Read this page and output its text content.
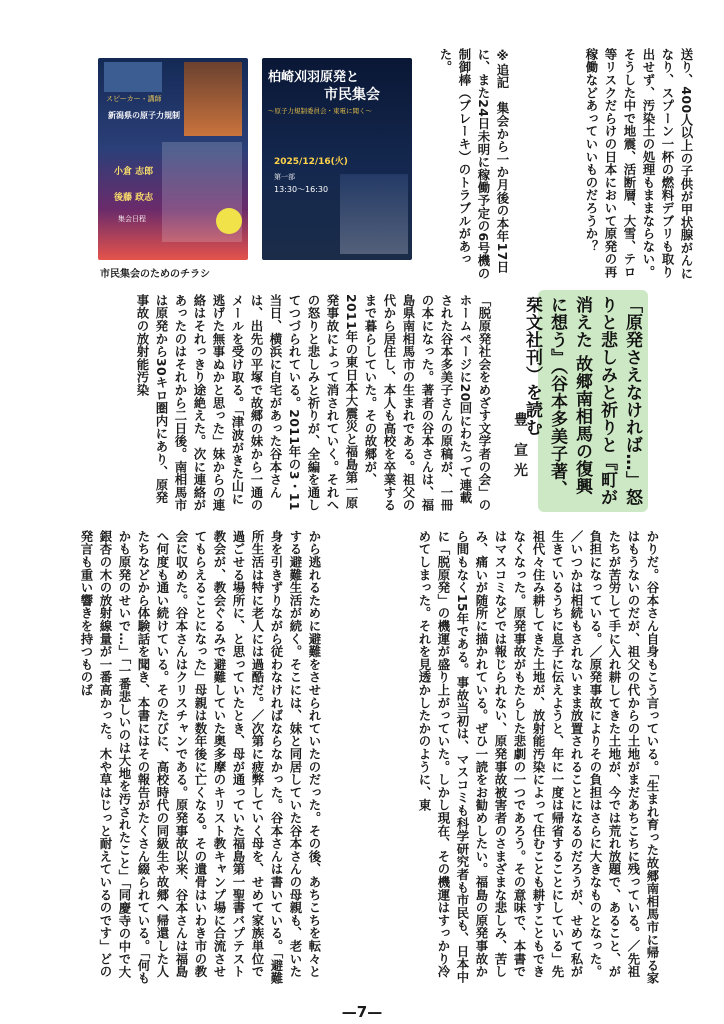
送り、400人以上の子供が甲状腺がんになり、スプーン一杯の燃料デブリも取り出せず、汚染土の処理もままならない。そうした中で地震、活断層、大雪、テロ等リスクだらけの日本において原発の再稼働などあっていいものだろうか？
※追記　集会から一か月後の本年17日に、また24日未明に稼働予定の6号機の制御棒（ブレーキ）のトラブルがあった。
スピーカー・講師
新潟県の原子力規制
小倉 志郎
後藤 政志
集会日程
柏崎刈羽原発と
市民集会
～原子力規制委員会・東電に聞く～
2025/12/16(火)
第一部
13:30～16:30
市民集会のためのチラシ
「原発さえなければ…」怒りと悲しみと祈りと『町が消えた 故郷南相馬の復興に想う』（谷本多美子著、栞文社刊）を読む
豊 宣光
「脱原発社会をめざす文学者の会」のホームページに20回にわたって連載された谷本多美子さんの原稿が、一冊の本になった。著者の谷本さんは、福島県南相馬市の生まれである。祖父の代から居住し、本人も高校を卒業するまで暮らしていた。その故郷が、2011年の東日本大震災と福島第一原発事故によって消されていく。それへの怒りと悲しみと祈りが、全編を通してつづられている。2011年の3・11当日、横浜に自宅があった谷本さんは、出先の平塚で故郷の妹から一通のメールを受け取る。「津波がきた山に逃げた無事ぬかと思った」妹からの連絡はそれっきり途絶えた。次に連絡があったのはそれから二日後。南相馬市は原発から30キロ圏内にあり、原発事故の放射能汚染
から逃れるために避難をさせられていたのだった。その後、あちこちを転々とする避難生活が続く。そこには、妹と同居していた谷本さんの母親も、老いた身を引きずりながら従わなければならなかった。谷本さんは書いている。「避難所生活は特に老人には過酷だ。／次第に疲弊していく母を、せめて家族単位で過ごせる場所に、と思っていたとき、母が通っていた福島第一聖書バプテスト教会が、教会ぐるみで避難していた奥多摩のキリスト教キャンプ場に合流させてもらえることになった」母親は数年後に亡くなる。その遺骨はいわき市の教会に収めた。谷本さんはクリスチャンである。原発事故以来、谷本さんは福島へ何度も通い続けている。そのたびに、高校時代の同級生や故郷へ帰還した人たちなどから体験話を聞き、本書にはその報告がたくさん綴られている。「何もかも原発のせいで…」「一番悲しいのは大地を汚されたこと」「同慶寺の中で大銀杏の木の放射線量が一番高かった。木や草はじっと耐えているのです」どの発言も重い響きを持つものば	かりだ。谷本さん自身もこう言っている。「生まれ育った故郷南相馬市に帰る家はもうないのだが、祖父の代からの土地がまだあちこちに残っている。／先祖たちが苦労して手に入れ耕してきた土地が、今では荒れ放題で、あること、が負担になっている。／原発事故によりその負担はさらに大きなものとなった。／いつかは相続もされないまま放置されることになるのだろうが、せめて私が生きているうちに息子に伝えようと、年に一度は帰省することにしている」先祖代々住み耕してきた土地が、放射能汚染によって住むことも耕すこともできなくなった。原発事故がもたらした悲劇の一つであろう。その意味で、本書ではマスコミなどでは報じられない、原発事故被害者のさまざまな悲しみ、苦しみ、痛いが随所に描かれている。ぜひ一読をお勧めしたい。福島の原発事故から間もなく15年である。事故当初は、マスコミも科学研究者も市民も、日本中に「脱原発」の機運が盛り上がっていた。しかし現在、その機運はすっかり冷めてしまった。それを見透かしたかのように、東
—7—
